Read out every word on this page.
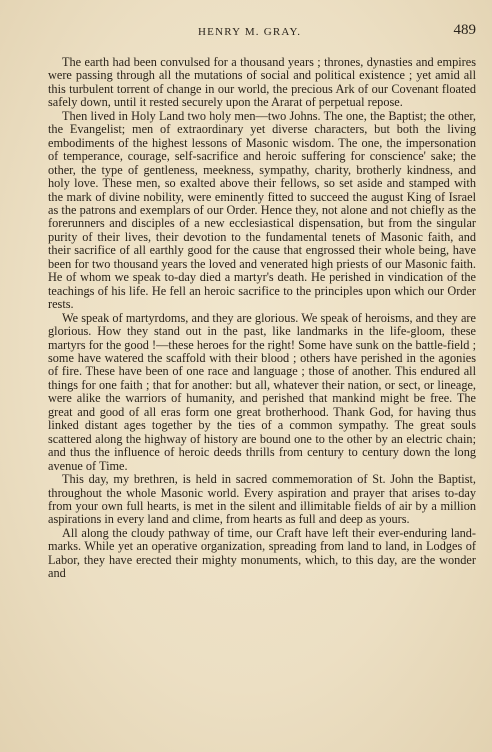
HENRY M. GRAY.	489

The earth had been convulsed for a thousand years ; thrones, dynasties and empires were passing through all the mutations of social and political existence ; yet amid all this turbulent torrent of change in our world, the precious Ark of our Covenant floated safely down, until it rested securely upon the Ararat of perpetual repose.

Then lived in Holy Land two holy men—two Johns. The one, the Baptist; the other, the Evangelist; men of extraordinary yet diverse characters, but both the living embodiments of the highest lessons of Masonic wisdom. The one, the impersonation of temperance, courage, self-sacrifice and heroic suffering for conscience' sake; the other, the type of gentleness, meekness, sympathy, charity, brotherly kindness, and holy love. These men, so exalted above their fellows, so set aside and stamped with the mark of divine nobility, were eminently fitted to succeed the august King of Israel as the patrons and exemplars of our Order. Hence they, not alone and not chiefly as the forerunners and disciples of a new ecclesiastical dispensation, but from the singular purity of their lives, their devotion to the fundamental tenets of Masonic faith, and their sacrifice of all earthly good for the cause that engrossed their whole being, have been for two thousand years the loved and venerated high priests of our Masonic faith. He of whom we speak to-day died a martyr's death. He perished in vindication of the teachings of his life. He fell an heroic sacrifice to the principles upon which our Order rests.

We speak of martyrdoms, and they are glorious. We speak of heroisms, and they are glorious. How they stand out in the past, like landmarks in the life-gloom, these martyrs for the good !—these heroes for the right! Some have sunk on the battle-field ; some have watered the scaffold with their blood ; others have perished in the agonies of fire. These have been of one race and language ; those of another. This endured all things for one faith ; that for another: but all, whatever their nation, or sect, or lineage, were alike the warriors of humanity, and perished that mankind might be free. The great and good of all eras form one great brotherhood. Thank God, for having thus linked distant ages together by the ties of a common sympathy. The great souls scattered along the highway of history are bound one to the other by an electric chain; and thus the influence of heroic deeds thrills from century to century down the long avenue of Time.

This day, my brethren, is held in sacred commemoration of St. John the Baptist, throughout the whole Masonic world. Every aspiration and prayer that arises to-day from your own full hearts, is met in the silent and illimitable fields of air by a million aspirations in every land and clime, from hearts as full and deep as yours.

All along the cloudy pathway of time, our Craft have left their ever-enduring land-marks. While yet an operative organization, spreading from land to land, in Lodges of Labor, they have erected their mighty monuments, which, to this day, are the wonder and
